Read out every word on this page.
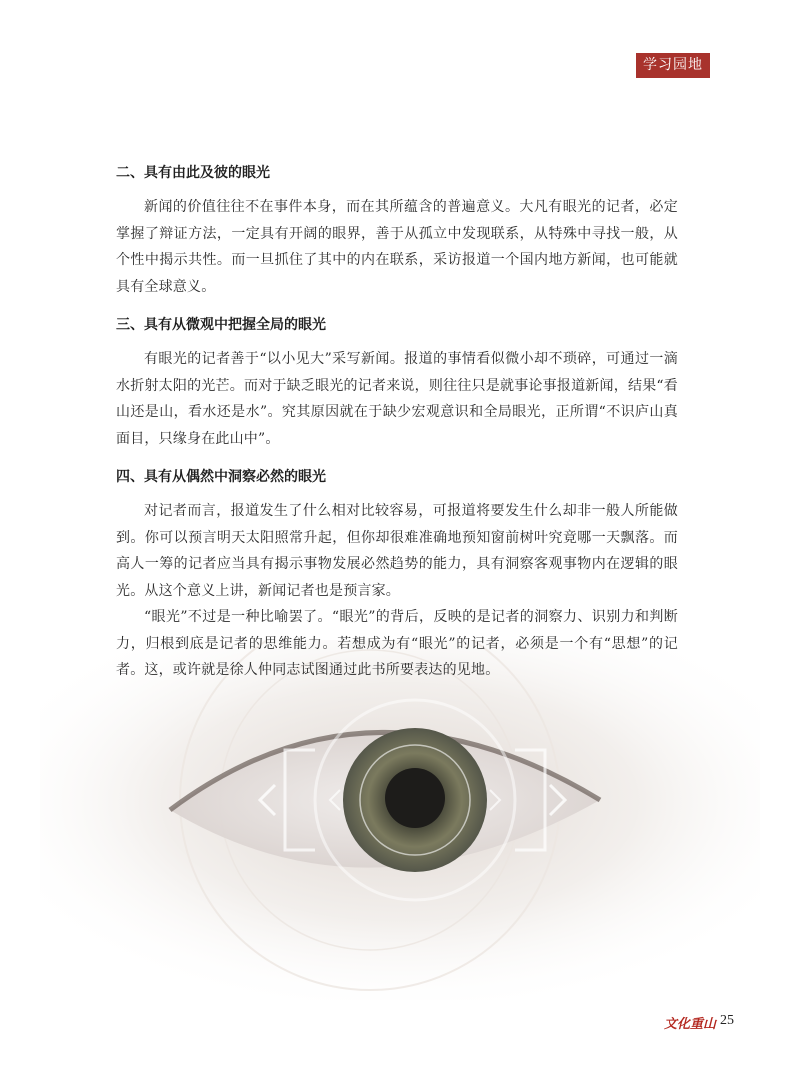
学习园地
二、具有由此及彼的眼光

新闻的价值往往不在事件本身，而在其所蕴含的普遍意义。大凡有眼光的记者，必定掌握了辩证方法，一定具有开阔的眼界，善于从孤立中发现联系，从特殊中寻找一般，从个性中揭示共性。而一旦抓住了其中的内在联系，采访报道一个国内地方新闻，也可能就具有全球意义。

三、具有从微观中把握全局的眼光

有眼光的记者善于“以小见大”采写新闻。报道的事情看似微小却不琐碎，可通过一滴水折射太阳的光芒。而对于缺乏眼光的记者来说，则往往只是就事论事报道新闻，结果“看山还是山，看水还是水”。究其原因就在于缺少宏观意识和全局眼光，正所谓“不识庐山真面目，只缘身在此山中”。

四、具有从偶然中洞察必然的眼光

对记者而言，报道发生了什么相对比较容易，可报道将要发生什么却非一般人所能做到。你可以预言明天太阳照常升起，但你却很难准确地预知窗前树叶究竟哪一天飘落。而高人一筹的记者应当具有揭示事物发展必然趋势的能力，具有洞察客观事物内在逻辑的眼光。从这个意义上讲，新闻记者也是预言家。

“眼光”不过是一种比喻罢了。“眼光”的背后，反映的是记者的洞察力、识别力和判断力，归根到底是记者的思维能力。若想成为有“眼光”的记者，必须是一个有“思想”的记者。这，或许就是徐人仲同志试图通过此书所要表达的见地。

文化重山 25
